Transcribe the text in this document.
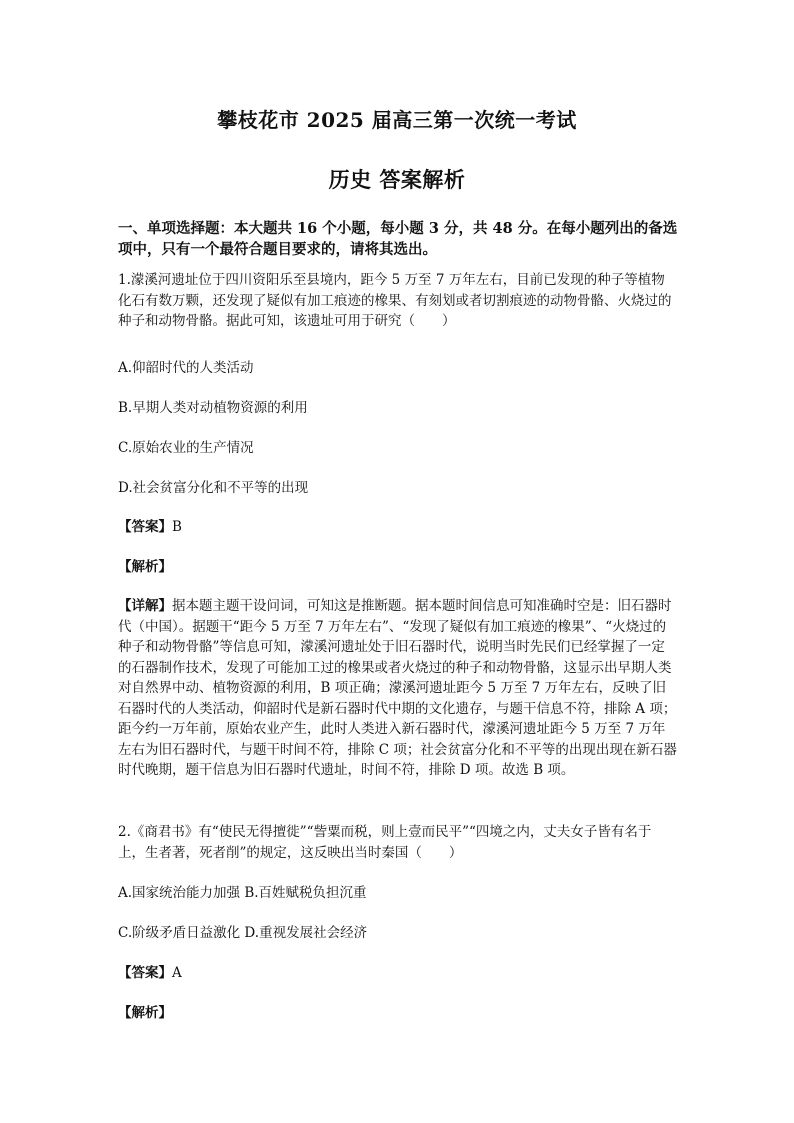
攀枝花市 2025 届高三第一次统一考试
历史 答案解析
一、单项选择题：本大题共 16 个小题，每小题 3 分，共 48 分。在每小题列出的备选项中，只有一个最符合题目要求的，请将其选出。
1.濛溪河遗址位于四川资阳乐至县境内，距今 5 万至 7 万年左右，目前已发现的种子等植物化石有数万颗，还发现了疑似有加工痕迹的橡果、有刻划或者切割痕迹的动物骨骼、火烧过的种子和动物骨骼。据此可知，该遗址可用于研究（　　）
A.仰韶时代的人类活动
B.早期人类对动植物资源的利用
C.原始农业的生产情况
D.社会贫富分化和不平等的出现
【答案】B
【解析】
【详解】据本题主题干设问词，可知这是推断题。据本题时间信息可知准确时空是：旧石器时代（中国）。据题干“距今 5 万至 7 万年左右”、“发现了疑似有加工痕迹的橡果”、“火烧过的种子和动物骨骼”等信息可知，濛溪河遗址处于旧石器时代，说明当时先民们已经掌握了一定的石器制作技术，发现了可能加工过的橡果或者火烧过的种子和动物骨骼，这显示出早期人类对自然界中动、植物资源的利用，B 项正确；濛溪河遗址距今 5 万至 7 万年左右，反映了旧石器时代的人类活动，仰韶时代是新石器时代中期的文化遗存，与题干信息不符，排除 A 项；距今约一万年前，原始农业产生，此时人类进入新石器时代，濛溪河遗址距今 5 万至 7 万年左右为旧石器时代，与题干时间不符，排除 C 项；社会贫富分化和不平等的出现出现在新石器时代晚期，题干信息为旧石器时代遗址，时间不符，排除 D 项。故选 B 项。
2.《商君书》有“使民无得擅徙”“訾粟而税，则上壹而民平”“四境之内，丈夫女子皆有名于上，生者著，死者削”的规定，这反映出当时秦国（　　）
A.国家统治能力加强 B.百姓赋税负担沉重
C.阶级矛盾日益激化 D.重视发展社会经济
【答案】A
【解析】
